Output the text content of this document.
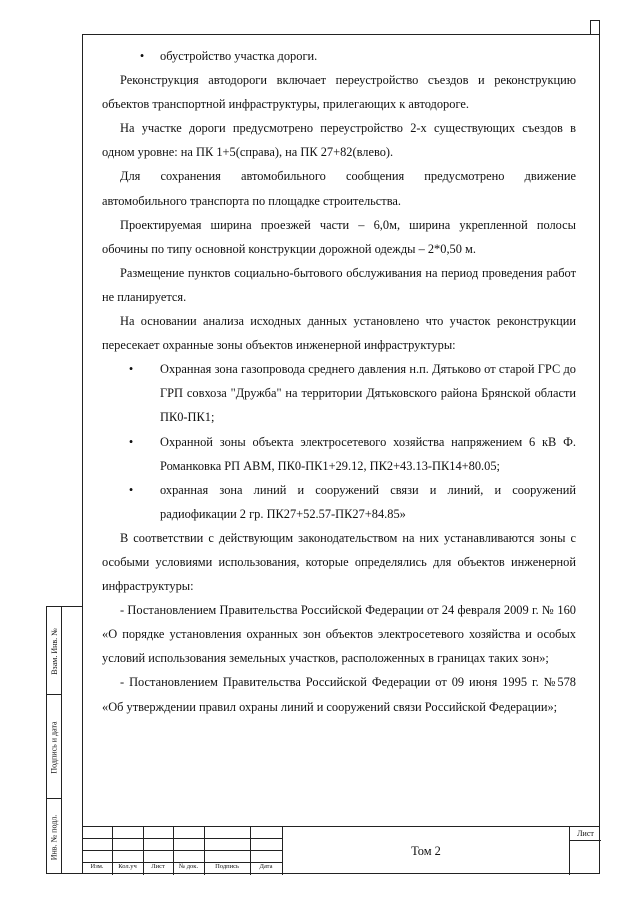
Взам. Инв. №
Подпись и дата
Инв. № подл.
•	обустройство участка дороги.

Реконструкция автодороги включает переустройство съездов и реконструкцию объектов транспортной инфраструктуры, прилегающих к автодороге.

На участке дороги предусмотрено переустройство 2-х существующих съездов в одном уровне: на ПК 1+5(справа), на ПК 27+82(влево).

Для сохранения автомобильного сообщения предусмотрено движение автомобильного транспорта по площадке строительства.

Проектируемая ширина проезжей части – 6,0м, ширина укрепленной полосы обочины по типу основной конструкции дорожной одежды – 2*0,50 м.

Размещение пунктов социально-бытового обслуживания на период проведения работ не планируется.

На основании анализа исходных данных установлено что участок реконструкции пересекает охранные зоны объектов инженерной инфраструктуры:

•	Охранная зона газопровода среднего давления н.п. Дятьково от старой ГРС до ГРП совхоза "Дружба" на территории Дятьковского района Брянской области ПК0-ПК1;

•	Охранной зоны объекта электросетевого хозяйства напряжением 6 кВ Ф. Романковка РП АВМ, ПК0-ПК1+29.12, ПК2+43.13-ПК14+80.05;

•	охранная зона линий и сооружений связи и линий, и сооружений радиофикации 2 гр. ПК27+52.57-ПК27+84.85»

В соответствии с действующим законодательством на них устанавливаются зоны с особыми условиями использования, которые определялись для объектов инженерной инфраструктуры:

- Постановлением Правительства Российской Федерации от 24 февраля 2009 г. № 160 «О порядке установления охранных зон объектов электросетевого хозяйства и особых условий использования земельных участков, расположенных в границах таких зон»;

- Постановлением Правительства Российской Федерации от 09 июня 1995 г. №578 «Об утверждении правил охраны линий и сооружений связи Российской Федерации»;

Изм.	Кол.уч	Лист	№ док.	Подпись	Дата
Том 2
Лист
